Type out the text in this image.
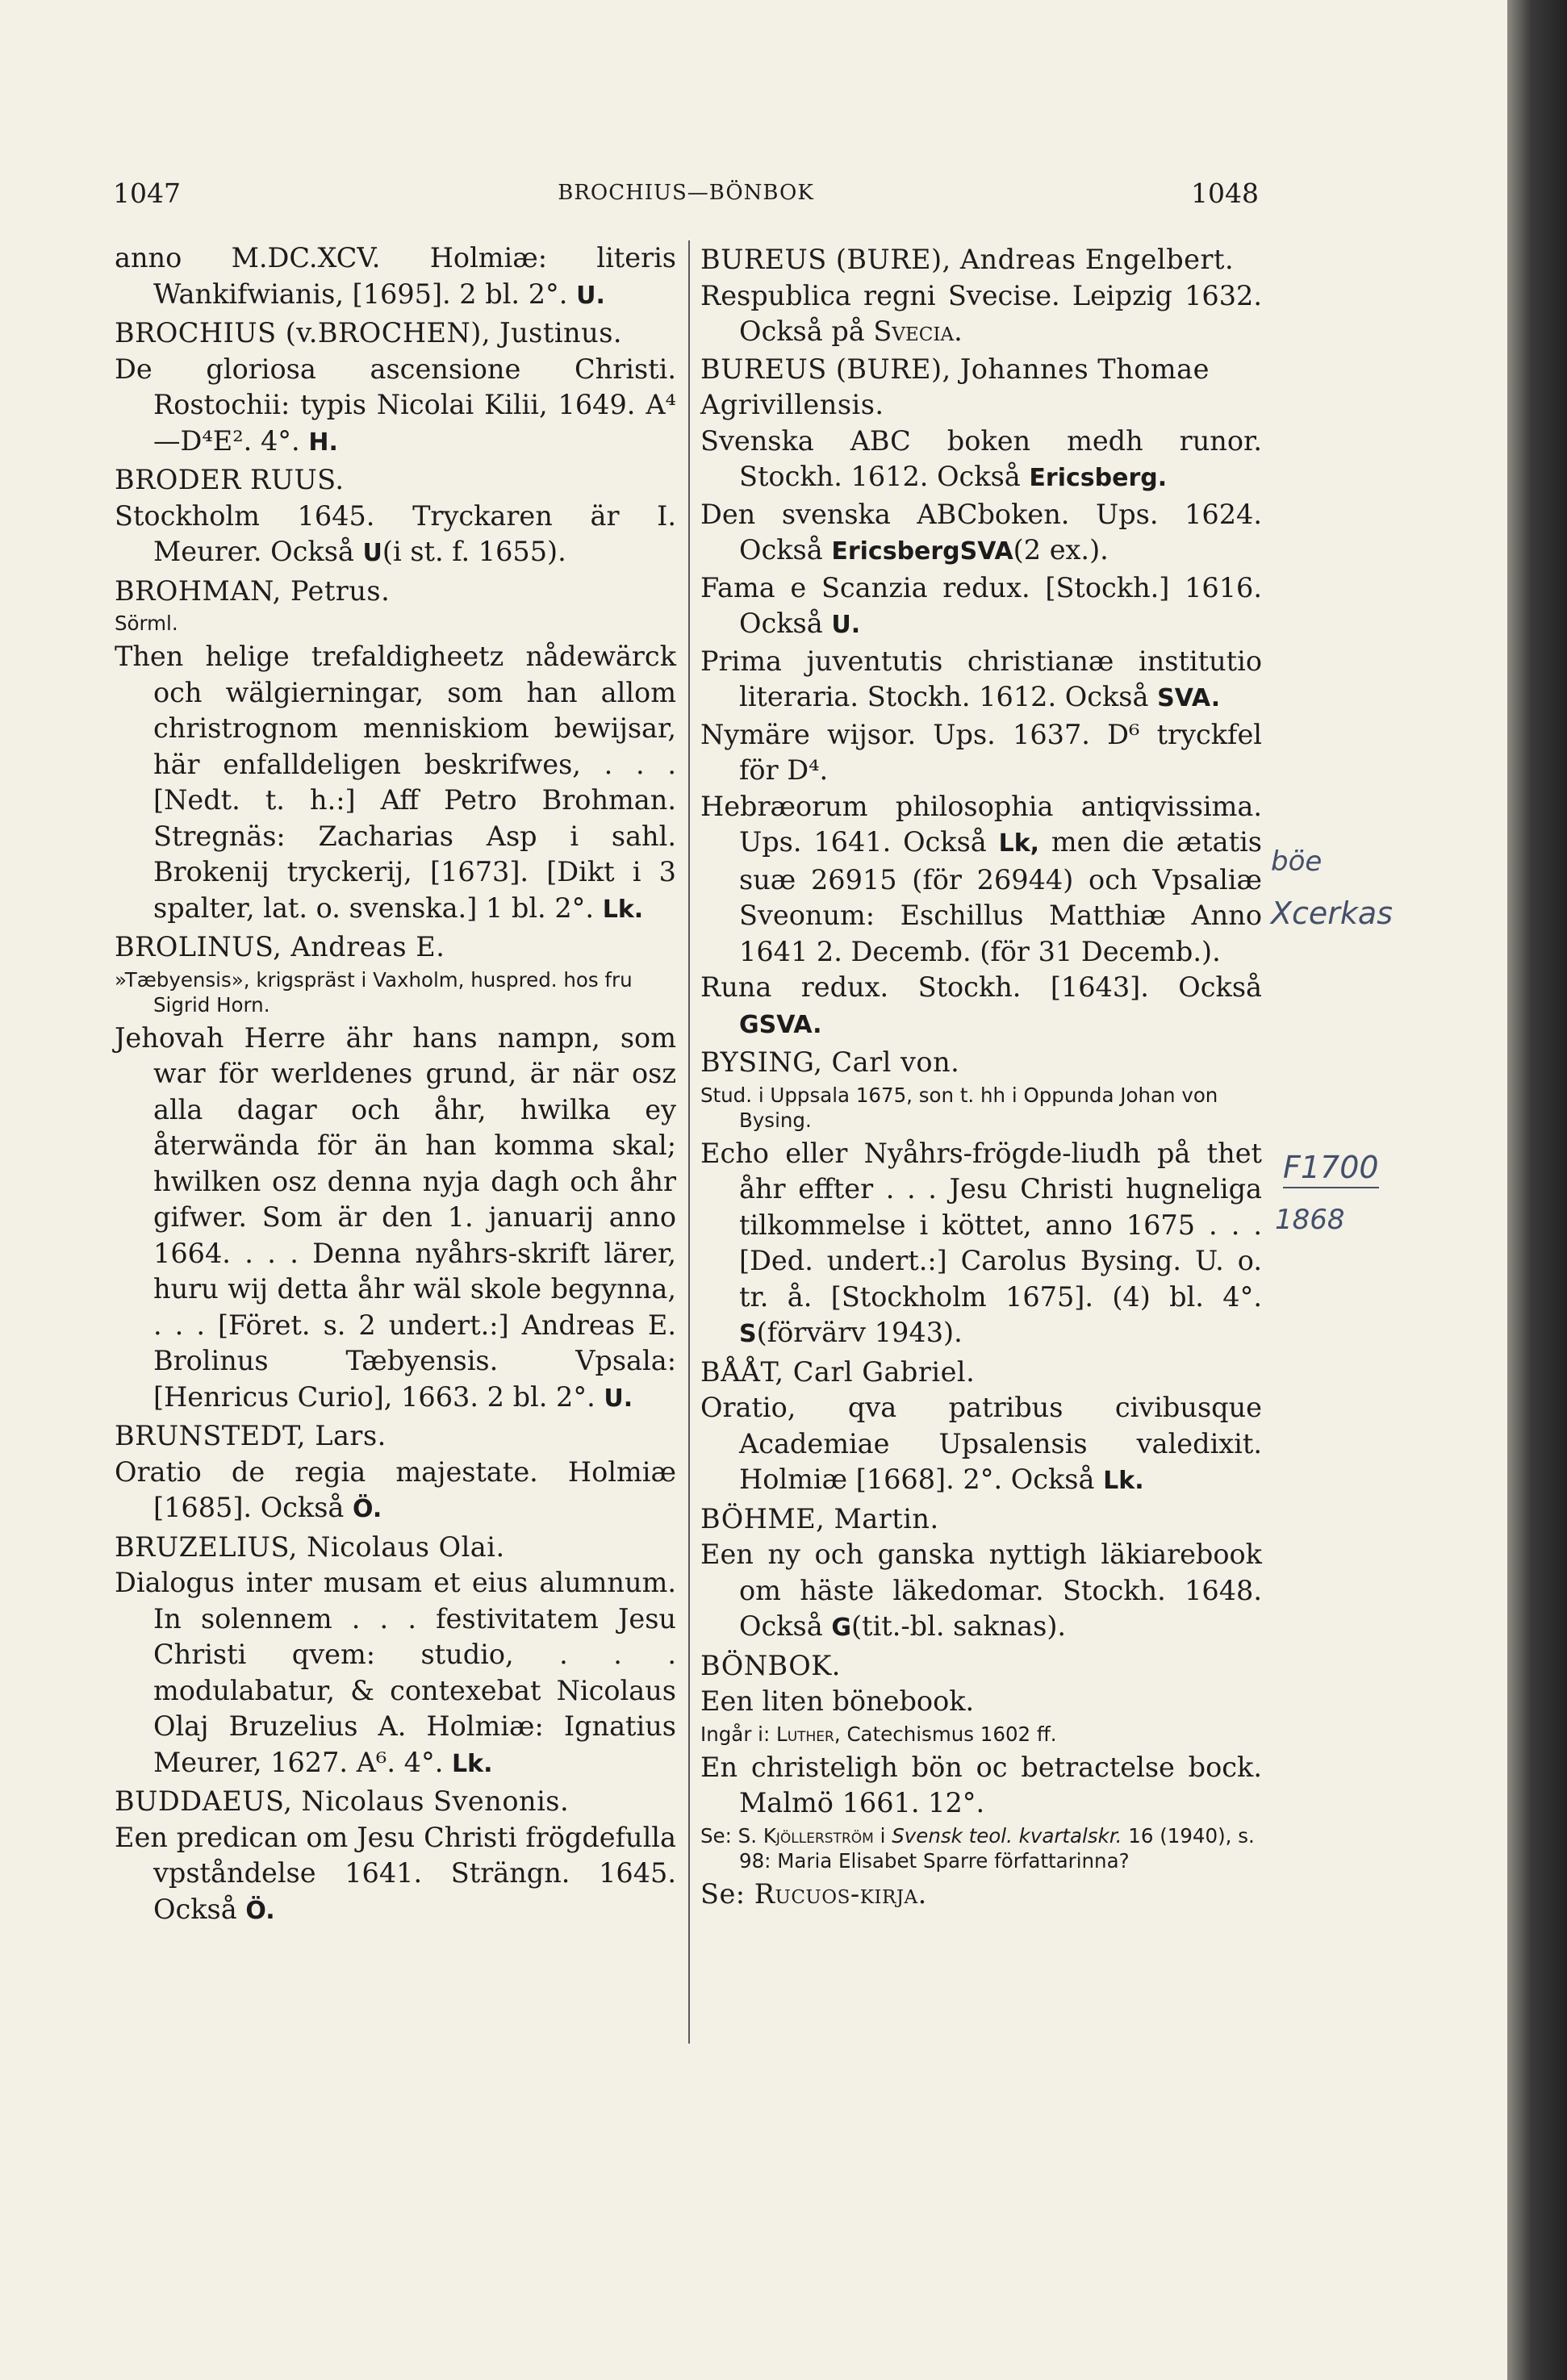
1047	BROCHIUS—BÖNBOK	1048

anno M.DC.XCV. Holmiæ: literis Wankifwianis, [1695]. 2 bl. 2°. U.

BROCHIUS (v.BROCHEN), Justinus.

De gloriosa ascensione Christi. Rostochii: typis Nicolai Kilii, 1649. A⁴—D⁴E². 4°. H.

BRODER RUUS.

Stockholm 1645. Tryckaren är I. Meurer. Också U(i st. f. 1655).

BROHMAN, Petrus.

Sörml.

Then helige trefaldigheetz nådewärck och wälgierningar, som han allom christrognom menniskiom bewijsar, här enfalldeligen beskrifwes, . . . [Nedt. t. h.:] Aff Petro Brohman. Stregnäs: Zacharias Asp i sahl. Brokenij tryckerij, [1673]. [Dikt i 3 spalter, lat. o. svenska.] 1 bl. 2°. Lk.

BROLINUS, Andreas E.

»Tæbyensis», krigspräst i Vaxholm, huspred. hos fru Sigrid Horn.

Jehovah Herre ähr hans nampn, som war för werldenes grund, är när osz alla dagar och åhr, hwilka ey återwända för än han komma skal; hwilken osz denna nyja dagh och åhr gifwer. Som är den 1. januarij anno 1664. . . . Denna nyåhrs-skrift lärer, huru wij detta åhr wäl skole begynna, . . . [Föret. s. 2 undert.:] Andreas E. Brolinus Tæbyensis. Vpsala: [Henricus Curio], 1663. 2 bl. 2°. U.

BRUNSTEDT, Lars.

Oratio de regia majestate. Holmiæ [1685]. Också Ö.

BRUZELIUS, Nicolaus Olai.

Dialogus inter musam et eius alumnum. In solennem . . . festivitatem Jesu Christi qvem: studio, . . . modulabatur, & contexebat Nicolaus Olaj Bruzelius A. Holmiæ: Ignatius Meurer, 1627. A⁶. 4°. Lk.

BUDDAEUS, Nicolaus Svenonis.

Een predican om Jesu Christi frögdefulla vpståndelse 1641. Strängn. 1645. Också Ö.

BUREUS (BURE), Andreas Engelbert.

Respublica regni Svecise. Leipzig 1632. Också på Svecia.

BUREUS (BURE), Johannes Thomae Agrivillensis.

Svenska ABC boken medh runor. Stockh. 1612. Också Ericsberg.

Den svenska ABCboken. Ups. 1624. Också EricsbergSVA(2 ex.).

Fama e Scanzia redux. [Stockh.] 1616. Också U.

Prima juventutis christianæ institutio literaria. Stockh. 1612. Också SVA.

Nymäre wijsor. Ups. 1637. D⁶ tryckfel för D⁴.

Hebræorum philosophia antiqvissima. Ups. 1641. Också Lk, men die ætatis suæ 26915 (för 26944) och Vpsaliæ Sveonum: Eschillus Matthiæ Anno 1641 2. Decemb. (för 31 Decemb.).

Runa redux. Stockh. [1643]. Också GSVA.

BYSING, Carl von.

Stud. i Uppsala 1675, son t. hh i Oppunda Johan von Bysing.

Echo eller Nyåhrs-frögde-liudh på thet åhr effter . . . Jesu Christi hugneliga tilkommelse i köttet, anno 1675 . . . [Ded. undert.:] Carolus Bysing. U. o. tr. å. [Stockholm 1675]. (4) bl. 4°. S(förvärv 1943).

BÅÅT, Carl Gabriel.

Oratio, qva patribus civibusque Academiae Upsalensis valedixit. Holmiæ [1668]. 2°. Också Lk.

BÖHME, Martin.

Een ny och ganska nyttigh läkiarebook om häste läkedomar. Stockh. 1648. Också G(tit.-bl. saknas).

BÖNBOK.

Een liten bönebook.

Ingår i: Luther, Catechismus 1602 ff.

En christeligh bön oc betractelse bock. Malmö 1661. 12°.

Se: S. Kjöllerström i Svensk teol. kvartalskr. 16 (1940), s. 98: Maria Elisabet Sparre författarinna?

Se: Rucuos-kirja.

böe
Xcerkas
F1700
1868
